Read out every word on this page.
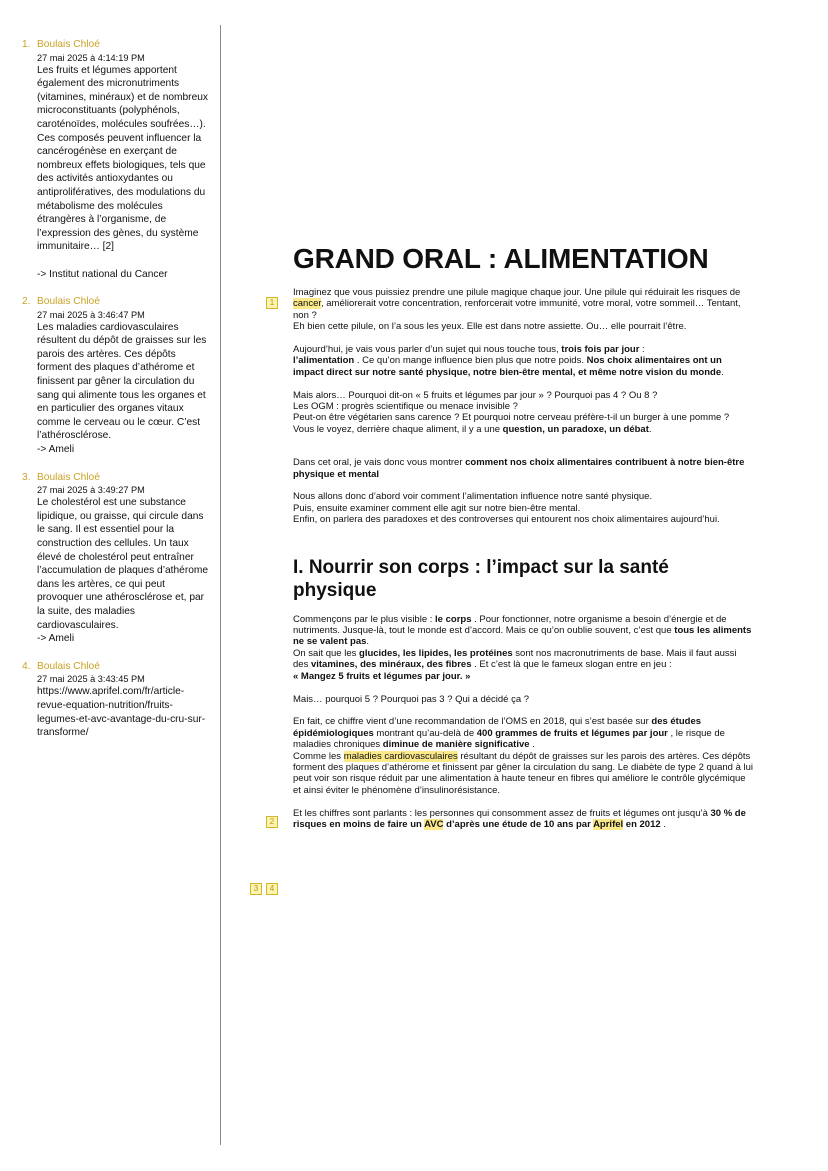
1. Boulais Chloé
27 mai 2025 à 4:14:19 PM
Les fruits et légumes apportent également des micronutriments (vitamines, minéraux) et de nombreux microconstituants (polyphénols, caroténoïdes, molécules soufrées…). Ces composés peuvent influencer la cancérogénèse en exerçant de nombreux effets biologiques, tels que des activités antioxydantes ou antiprolifératives, des modulations du métabolisme des molécules étrangères à l’organisme, de l’expression des gènes, du système immunitaire… [2]

-> Institut national du Cancer
2. Boulais Chloé
27 mai 2025 à 3:46:47 PM
Les maladies cardiovasculaires résultent du dépôt de graisses sur les parois des artères. Ces dépôts forment des plaques d’athérome et finissent par gêner la circulation du sang qui alimente tous les organes et en particulier des organes vitaux comme le cerveau ou le cœur. C’est l’athérosclérose.
-> Ameli
3. Boulais Chloé
27 mai 2025 à 3:49:27 PM
Le cholestérol est une substance lipidique, ou graisse, qui circule dans le sang. Il est essentiel pour la construction des cellules. Un taux élevé de cholestérol peut entraîner l’accumulation de plaques d’athérome dans les artères, ce qui peut provoquer une athérosclérose et, par la suite, des maladies cardiovasculaires.
-> Ameli
4. Boulais Chloé
27 mai 2025 à 3:43:45 PM
https://www.aprifel.com/fr/article-revue-equation-nutrition/fruits-legumes-et-avc-avantage-du-cru-sur-transforme/
1
2
3	4
GRAND ORAL : ALIMENTATION

Imaginez que vous puissiez prendre une pilule magique chaque jour. Une pilule qui réduirait les risques de cancer, améliorerait votre concentration, renforcerait votre immunité, votre moral, votre sommeil… Tentant, non ?
Eh bien cette pilule, on l’a sous les yeux. Elle est dans notre assiette. Ou… elle pourrait l’être.

Aujourd’hui, je vais vous parler d’un sujet qui nous touche tous, trois fois par jour :
l’alimentation . Ce qu’on mange influence bien plus que notre poids. Nos choix alimentaires ont un impact direct sur notre santé physique, notre bien-être mental, et même notre vision du monde.

Mais alors… Pourquoi dit-on « 5 fruits et légumes par jour » ? Pourquoi pas 4 ? Ou 8 ?
Les OGM : progrès scientifique ou menace invisible ?
Peut-on être végétarien sans carence ? Et pourquoi notre cerveau préfère-t-il un burger à une pomme ?
Vous le voyez, derrière chaque aliment, il y a une question, un paradoxe, un débat.

Dans cet oral, je vais donc vous montrer comment nos choix alimentaires contribuent à notre bien-être physique et mental

Nous allons donc d’abord voir comment l’alimentation influence notre santé physique.
Puis, ensuite examiner comment elle agit sur notre bien-être mental.
Enfin, on parlera des paradoxes et des controverses qui entourent nos choix alimentaires aujourd’hui.

I. Nourrir son corps : l’impact sur la santé physique

Commençons par le plus visible : le corps . Pour fonctionner, notre organisme a besoin d’énergie et de nutriments. Jusque-là, tout le monde est d’accord. Mais ce qu’on oublie souvent, c’est que tous les aliments ne se valent pas.
On sait que les glucides, les lipides, les protéines sont nos macronutriments de base. Mais il faut aussi des vitamines, des minéraux, des fibres . Et c’est là que le fameux slogan entre en jeu :
« Mangez 5 fruits et légumes par jour. »

Mais… pourquoi 5 ? Pourquoi pas 3 ? Qui a décidé ça ?

En fait, ce chiffre vient d’une recommandation de l’OMS en 2018, qui s’est basée sur des études épidémiologiques montrant qu’au-delà de 400 grammes de fruits et légumes par jour , le risque de maladies chroniques diminue de manière significative .
Comme les maladies cardiovasculaires résultant du dépôt de graisses sur les parois des artères. Ces dépôts forment des plaques d’athérome et finissent par gêner la circulation du sang. Le diabète de type 2 quand à lui peut voir son risque réduit par une alimentation à haute teneur en fibres qui améliore le contrôle glycémique et ainsi éviter le phénomène d’insulinorésistance.

Et les chiffres sont parlants : les personnes qui consomment assez de fruits et légumes ont jusqu’à 30 % de risques en moins de faire un AVC d’après une étude de 10 ans par Aprifel en 2012 .
